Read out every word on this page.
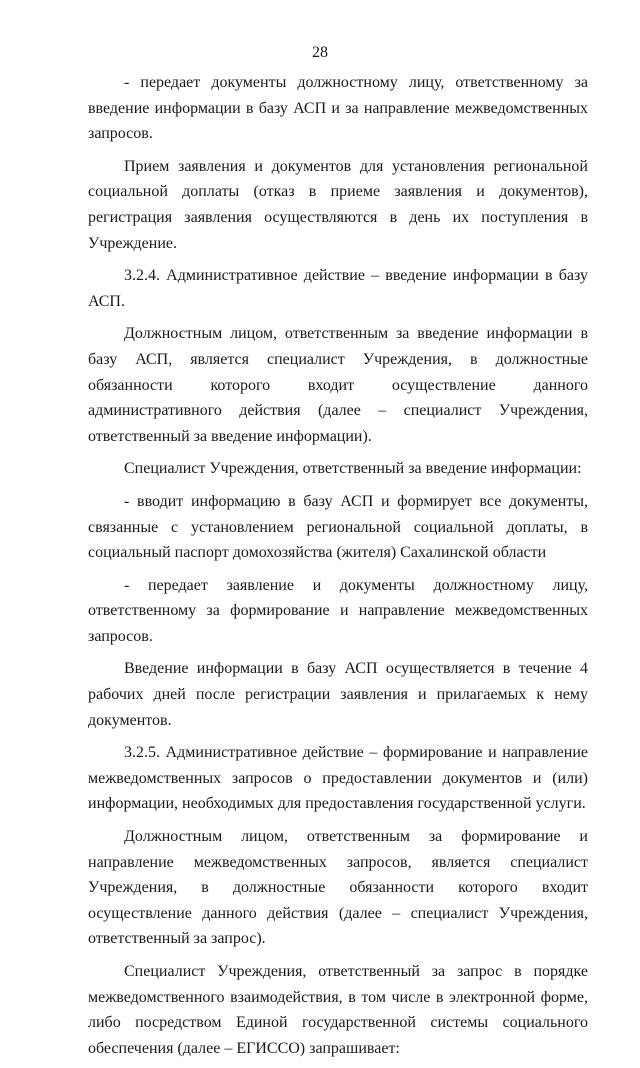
28

- передает документы должностному лицу, ответственному за введение информации в базу АСП и за направление межведомственных запросов.

Прием заявления и документов для установления региональной социальной доплаты (отказ в приеме заявления и документов), регистрация заявления осуществляются в день их поступления в Учреждение.

3.2.4. Административное действие – введение информации в базу АСП.

Должностным лицом, ответственным за введение информации в базу АСП, является специалист Учреждения, в должностные обязанности которого входит осуществление данного административного действия (далее – специалист Учреждения, ответственный за введение информации).

Специалист Учреждения, ответственный за введение информации:

- вводит информацию в базу АСП и формирует все документы, связанные с установлением региональной социальной доплаты, в социальный паспорт домохозяйства (жителя) Сахалинской области

- передает заявление и документы должностному лицу, ответственному за формирование и направление межведомственных запросов.

Введение информации в базу АСП осуществляется в течение 4 рабочих дней после регистрации заявления и прилагаемых к нему документов.

3.2.5. Административное действие – формирование и направление межведомственных запросов о предоставлении документов и (или) информации, необходимых для предоставления государственной услуги.

Должностным лицом, ответственным за формирование и направление межведомственных запросов, является специалист Учреждения, в должностные обязанности которого входит осуществление данного действия (далее – специалист Учреждения, ответственный за запрос).

Специалист Учреждения, ответственный за запрос в порядке межведомственного взаимодействия, в том числе в электронной форме, либо посредством Единой государственной системы социального обеспечения (далее – ЕГИССО) запрашивает:
